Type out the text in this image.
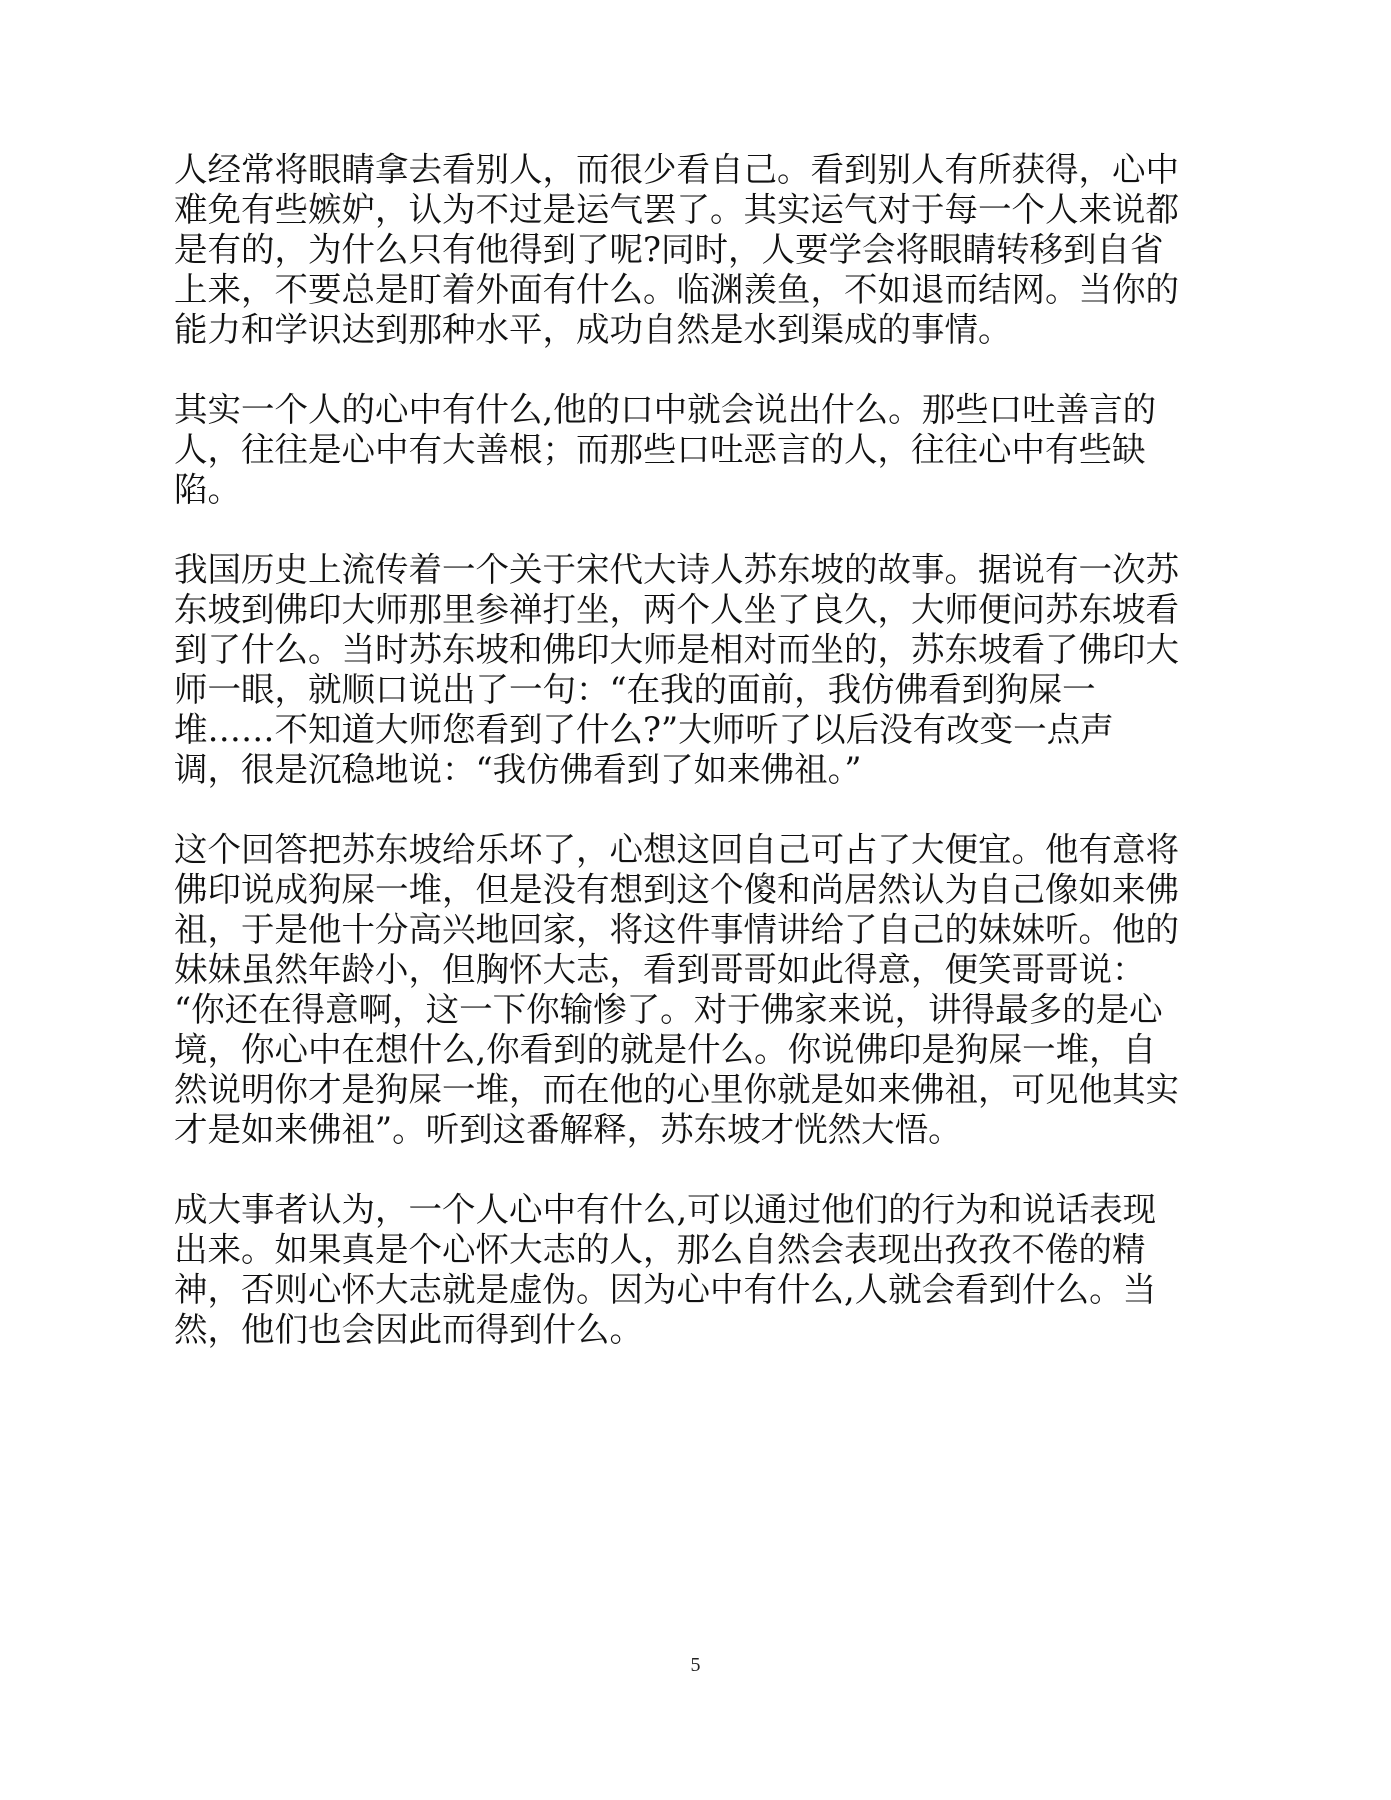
人经常将眼睛拿去看别人，而很少看自己。看到别人有所获得，心中
难免有些嫉妒，认为不过是运气罢了。其实运气对于每一个人来说都
是有的，为什么只有他得到了呢?同时，人要学会将眼睛转移到自省
上来，不要总是盯着外面有什么。临渊羡鱼，不如退而结网。当你的
能力和学识达到那种水平，成功自然是水到渠成的事情。

其实一个人的心中有什么,他的口中就会说出什么。那些口吐善言的
人，往往是心中有大善根；而那些口吐恶言的人，往往心中有些缺
陷。

我国历史上流传着一个关于宋代大诗人苏东坡的故事。据说有一次苏
东坡到佛印大师那里参禅打坐，两个人坐了良久，大师便问苏东坡看
到了什么。当时苏东坡和佛印大师是相对而坐的，苏东坡看了佛印大
师一眼，就顺口说出了一句：“在我的面前，我仿佛看到狗屎一
堆……不知道大师您看到了什么?”大师听了以后没有改变一点声
调，很是沉稳地说：“我仿佛看到了如来佛祖。”

这个回答把苏东坡给乐坏了，心想这回自己可占了大便宜。他有意将
佛印说成狗屎一堆，但是没有想到这个傻和尚居然认为自己像如来佛
祖，于是他十分高兴地回家，将这件事情讲给了自己的妹妹听。他的
妹妹虽然年龄小，但胸怀大志，看到哥哥如此得意，便笑哥哥说：
“你还在得意啊，这一下你输惨了。对于佛家来说，讲得最多的是心
境，你心中在想什么,你看到的就是什么。你说佛印是狗屎一堆，自
然说明你才是狗屎一堆，而在他的心里你就是如来佛祖，可见他其实
才是如来佛祖”。听到这番解释，苏东坡才恍然大悟。

成大事者认为，一个人心中有什么,可以通过他们的行为和说话表现
出来。如果真是个心怀大志的人，那么自然会表现出孜孜不倦的精
神，否则心怀大志就是虚伪。因为心中有什么,人就会看到什么。当
然，他们也会因此而得到什么。

5
